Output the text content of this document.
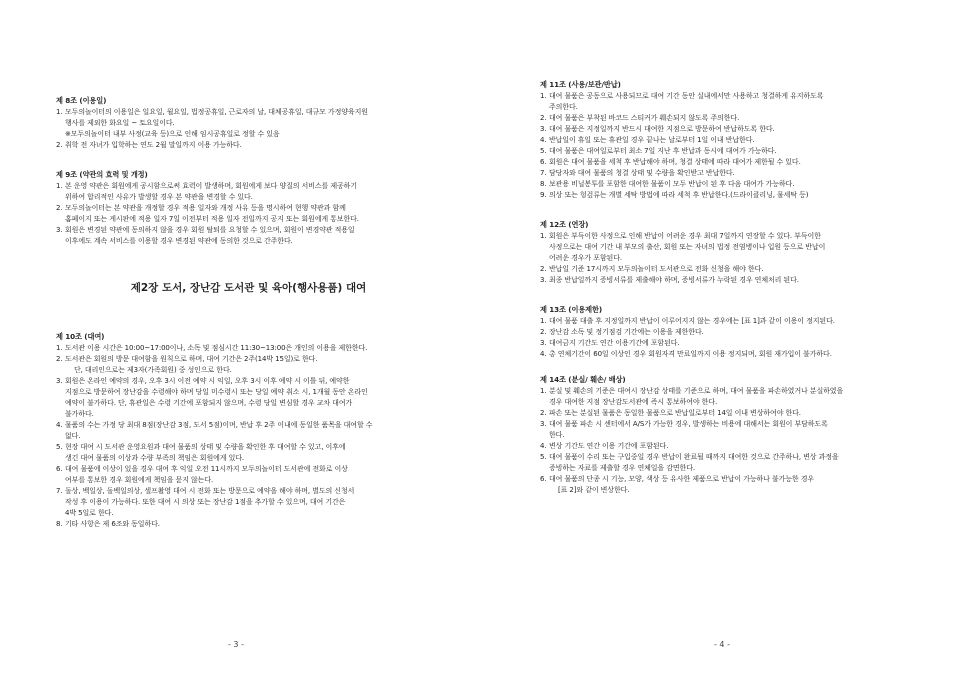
제 8조 (이용일)
1. 모두의놀이터의 이용일은 일요일, 월요일, 법정공휴일, 근로자의 날, 대체공휴일, 대규모 가정양육지원
행사를 제외한 화요일 ~ 토요일이다.
※모두의놀이터 내부 사정(교육 등)으로 인해 임시공휴일로 정할 수 있음
2. 취학 전 자녀가 입학하는 연도 2월 말일까지 이용 가능하다.
제 9조 (약관의 효력 및 개정)
1. 본 운영 약관은 회원에게 공시함으로써 효력이 발생하며, 회원에게 보다 양질의 서비스를 제공하기
위하여 합리적인 사유가 발생할 경우 본 약관을 변경할 수 있다.
2. 모두의놀이터는 본 약관을 개정할 경우 적용 일자와 개정 사유 등을 명시하여 현행 약관과 함께
홈페이지 또는 게시판에 적용 일자 7일 이전부터 적용 일자 전일까지 공지 또는 회원에게 통보한다.
3. 회원은 변경된 약관에 동의하지 않을 경우 회원 탈퇴를 요청할 수 있으며, 회원이 변경약관 적용일
이후에도 계속 서비스를 이용할 경우 변경된 약관에 동의한 것으로 간주한다.
제2장 도서, 장난감 도서관 및 육아(행사용품) 대여
제 10조 (대여)
1. 도서관 이용 시간은 10:00~17:00이나, 소독 및 점심시간 11:30~13:00은 개인의 이용을 제한한다.
2. 도서관은 회원의 방문 대여함을 원칙으로 하며, 대여 기간은 2주(14박 15일)로 한다.
단, 대리인으로는 제3자(가족회원) 중 성인으로 한다.
3. 회원은 온라인 예약의 경우, 오후 3시 이전 예약 시 익일, 오후 3시 이후 예약 시 이틀 뒤, 예약한
지점으로 방문하여 장난감을 수령해야 하며 당일 미수령시 또는 당일 예약 취소 시, 1개월 동안 온라인
예약이 불가하다. 단, 휴관일은 수령 기간에 포함되지 않으며, 수령 당일 변심할 경우 교차 대여가
불가하다.
4. 물품의 수는 가정 당 최대 8점(장난감 3점, 도서 5점)이며, 반납 후 2주 이내에 동일한 품목을 대여할 수
없다.
5. 현장 대여 시 도서관 운영요원과 대여 물품의 상태 및 수량을 확인한 후 대여할 수 있고, 이후에
생긴 대여 물품의 이상과 수량 부족의 책임은 회원에게 있다.
6. 대여 물품에 이상이 있을 경우 대여 후 익일 오전 11시까지 모두의놀이터 도서관에 전화로 이상
여부를 통보한 경우 회원에게 책임을 묻지 않는다.
7. 돌상, 백일상, 돌백일의상, 셀프촬영 대여 시 전화 또는 방문으로 예약을 해야 하며, 별도의 신청서
작성 후 이용이 가능하다. 또한 대여 시 의상 또는 장난감 1점을 추가할 수 있으며, 대여 기간은
4박 5일로 한다.
8. 기타 사항은 제 6조와 동일하다.
- 3 -
제 11조 (사용/보관/반납)
1. 대여 물품은 공동으로 사용되므로 대여 기간 동안 실내에서만 사용하고 청결하게 유지하도록
주의한다.
2. 대여 물품은 부착된 바코드 스티커가 훼손되지 않도록 주의한다.
3. 대여 물품은 지정일까지 반드시 대여한 지점으로 방문하여 반납하도록 한다.
4. 반납일이 휴일 또는 휴관일 경우 끝나는 날로부터 1일 이내 반납한다.
5. 대여 물품은 대여일로부터 최소 7일 지난 후 반납과 동시에 대여가 가능하다.
6. 회원은 대여 물품을 세척 후 반납해야 하며, 청결 상태에 따라 대여가 제한될 수 있다.
7. 담당자와 대여 물품의 청결 상태 및 수량을 확인받고 반납한다.
8. 보관용 비닐봉투를 포함한 대여한 물품이 모두 반납이 된 후 다음 대여가 가능하다.
9. 의상 또는 헝겊류는 개별 세탁 방법에 따라 세척 후 반납한다.(드라이클리닝, 물세탁 등)
제 12조 (연장)
1. 회원은 부득이한 사정으로 인해 반납이 어려운 경우 최대 7일까지 연장할 수 있다. 부득이한
사정으로는 대여 기간 내 부모의 출산, 회원 또는 자녀의 법정 전염병이나 입원 등으로 반납이
어려운 경우가 포함된다.
2. 반납일 기준 17시까지 모두의놀이터 도서관으로 전화 신청을 해야 한다.
3. 최종 반납일까지 증빙서류를 제출해야 하며, 증빙서류가 누락된 경우 연체처리 된다.
제 13조 (이용제한)
1. 대여 물품 대출 후 지정일까지 반납이 이루어지지 않는 경우에는 [표 1]과 같이 이용이 정지된다.
2. 장난감 소독 및 정기점검 기간에는 이용을 제한한다.
3. 대여금지 기간도 연간 이용기간에 포함된다.
4. 총 연체기간이 60일 이상인 경우 회원자격 만료일까지 이용 정지되며, 회원 재가입이 불가하다.
제 14조 (분실/ 훼손/ 배상)
1. 분실 및 훼손의 기준은 대여시 장난감 상태를 기준으로 하며, 대여 물품을 파손하였거나 분실하였을
경우 대여한 지점 장난감도서관에 즉시 통보하여야 한다.
2. 파손 또는 분실된 물품은 동일한 물품으로 반납일로부터 14일 이내 변상하여야 한다.
3. 대여 물품 파손 시 센터에서 A/S가 가능한 경우, 발생하는 비용에 대해서는 회원이 부담하도록
한다.
4. 변상 기간도 연간 이용 기간에 포함된다.
5. 대여 물품이 수리 또는 구입중일 경우 반납이 완료될 때까지 대여한 것으로 간주하나, 변상 과정을
증빙하는 자료를 제출할 경우 연체일을 감면한다.
6. 대여 물품의 단종 시 기능, 모양, 색상 등 유사한 제품으로 반납이 가능하나 불가능한 경우
[표 2]와 같이 변상한다.
- 4 -
